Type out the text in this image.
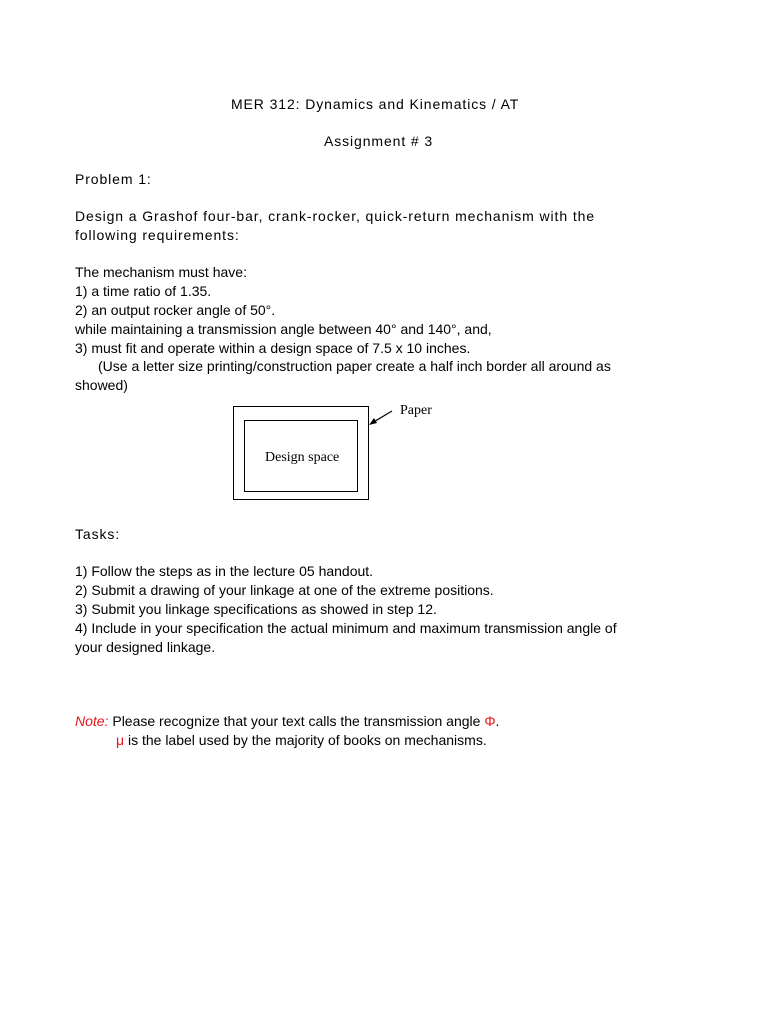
MER 312: Dynamics and Kinematics / AT
Assignment # 3
Problem 1:
Design a Grashof four-bar, crank-rocker, quick-return mechanism with the
following requirements:
The mechanism must have:
1) a time ratio of 1.35.
2) an output rocker angle of 50°.
while maintaining a transmission angle between 40° and 140°, and,
3) must fit and operate within a design space of 7.5 x 10 inches.
(Use a letter size printing/construction paper create a half inch border all around as
showed)
Design space
Paper
Tasks:
1) Follow the steps as in the lecture 05 handout.
2) Submit a drawing of your linkage at one of the extreme positions.
3) Submit you linkage specifications as showed in step 12.
4) Include in your specification the actual minimum and maximum transmission angle of
your designed linkage.
Note: Please recognize that your text calls the transmission angle Φ.
μ is the label used by the majority of books on mechanisms.
